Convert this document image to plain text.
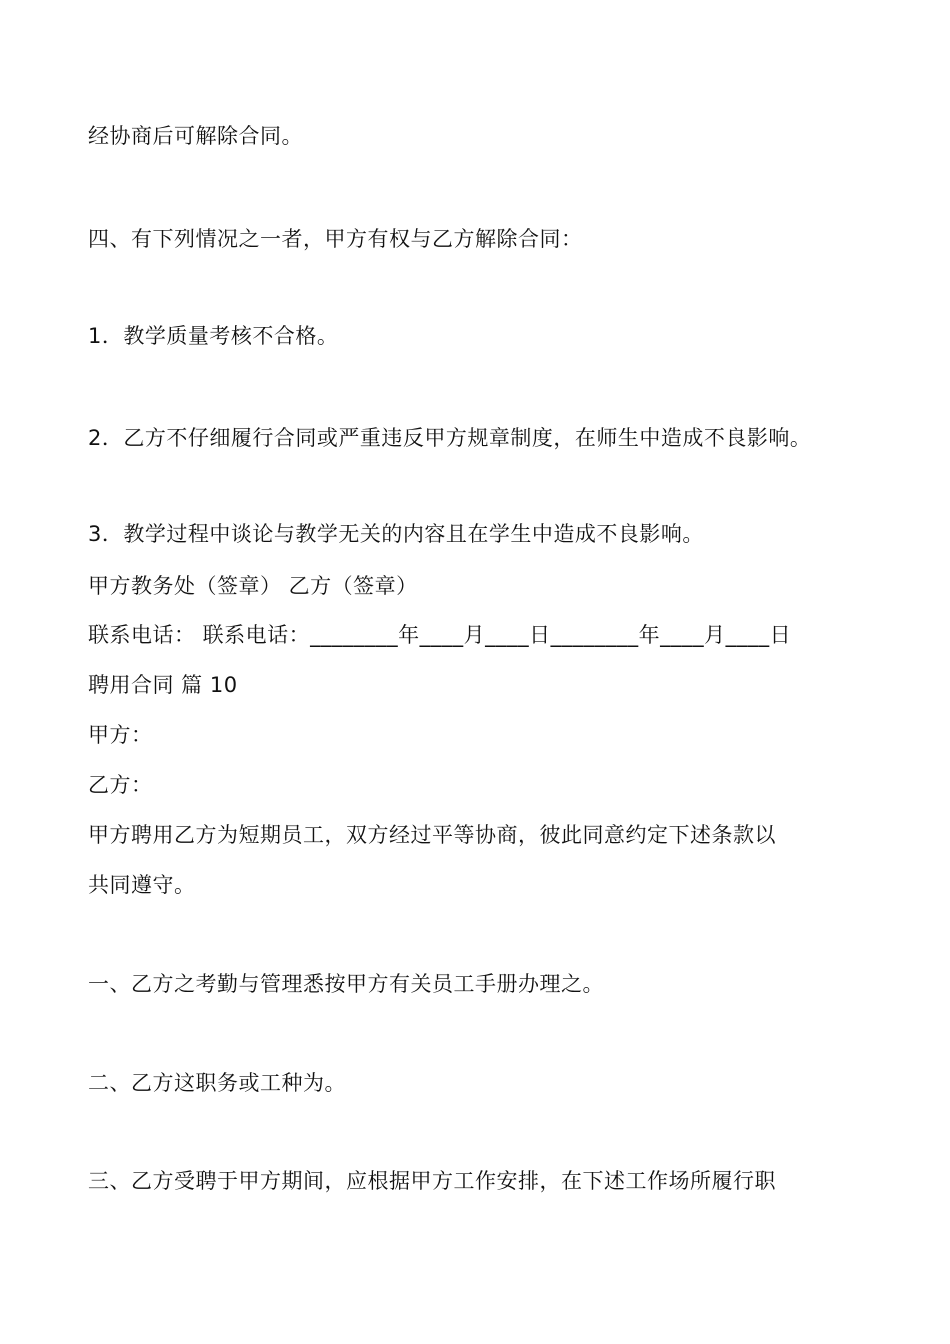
经协商后可解除合同。
四、有下列情况之一者，甲方有权与乙方解除合同：
1．教学质量考核不合格。
2．乙方不仔细履行合同或严重违反甲方规章制度，在师生中造成不良影响。
3．教学过程中谈论与教学无关的内容且在学生中造成不良影响。
甲方教务处（签章） 乙方（签章）
联系电话： 联系电话：________年____月____日________年____月____日
聘用合同 篇 10
甲方：
乙方：
甲方聘用乙方为短期员工，双方经过平等协商，彼此同意约定下述条款以
共同遵守。
一、乙方之考勤与管理悉按甲方有关员工手册办理之。
二、乙方这职务或工种为。
三、乙方受聘于甲方期间，应根据甲方工作安排，在下述工作场所履行职
